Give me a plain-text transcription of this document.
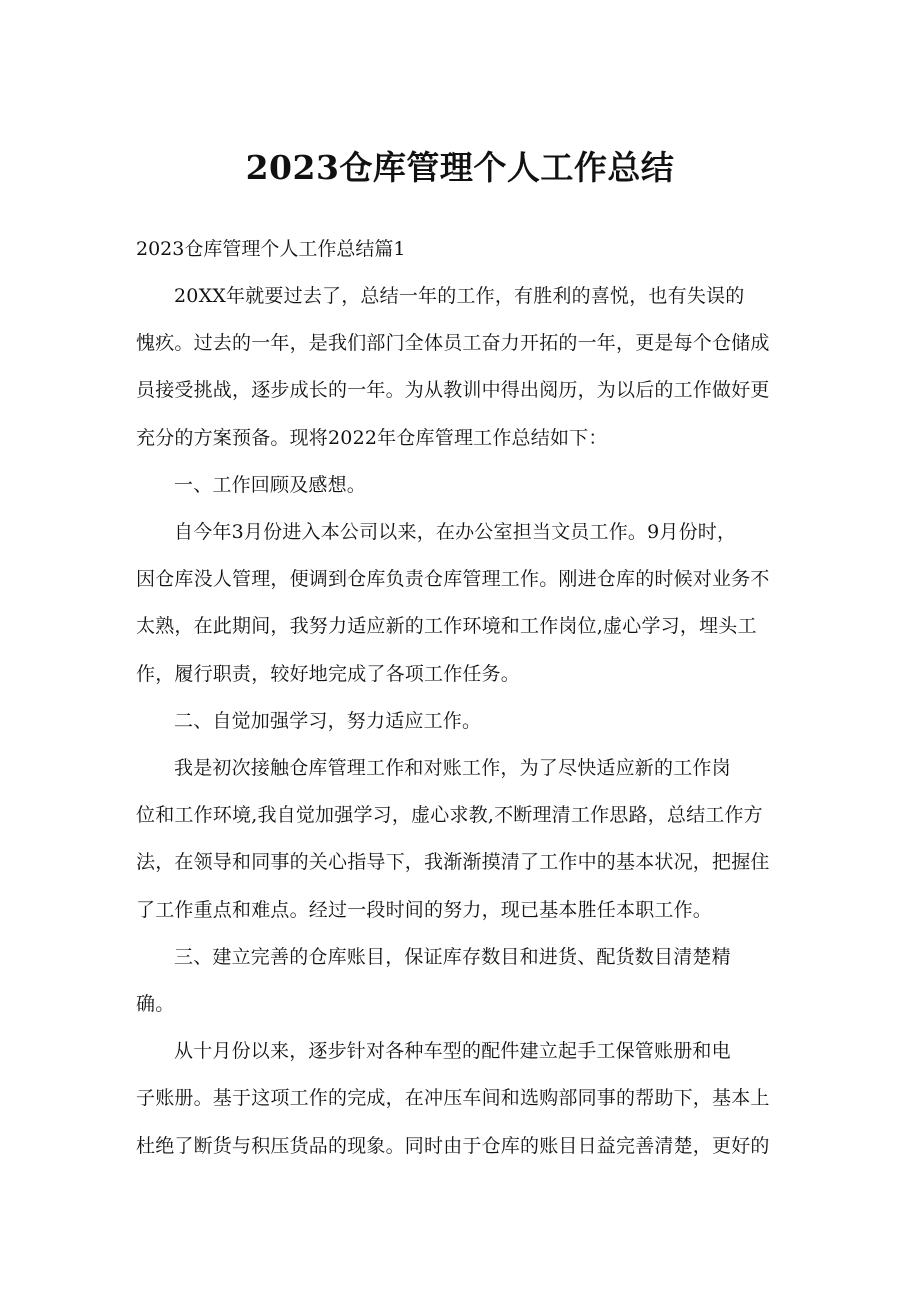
2023仓库管理个人工作总结
2023仓库管理个人工作总结篇1

20XX年就要过去了，总结一年的工作，有胜利的喜悦，也有失误的
愧疚。过去的一年，是我们部门全体员工奋力开拓的一年，更是每个仓储成
员接受挑战，逐步成长的一年。为从教训中得出阅历，为以后的工作做好更
充分的方案预备。现将2022年仓库管理工作总结如下：

一、工作回顾及感想。

自今年3月份进入本公司以来，在办公室担当文员工作。9月份时，
因仓库没人管理，便调到仓库负责仓库管理工作。刚进仓库的时候对业务不
太熟，在此期间，我努力适应新的工作环境和工作岗位,虚心学习，埋头工
作，履行职责，较好地完成了各项工作任务。

二、自觉加强学习，努力适应工作。

我是初次接触仓库管理工作和对账工作，为了尽快适应新的工作岗
位和工作环境,我自觉加强学习，虚心求教,不断理清工作思路，总结工作方
法，在领导和同事的关心指导下，我渐渐摸清了工作中的基本状况，把握住
了工作重点和难点。经过一段时间的努力，现已基本胜任本职工作。

三、建立完善的仓库账目，保证库存数目和进货、配货数目清楚精
确。

从十月份以来，逐步针对各种车型的配件建立起手工保管账册和电
子账册。基于这项工作的完成，在冲压车间和选购部同事的帮助下，基本上
杜绝了断货与积压货品的现象。同时由于仓库的账目日益完善清楚，更好的
